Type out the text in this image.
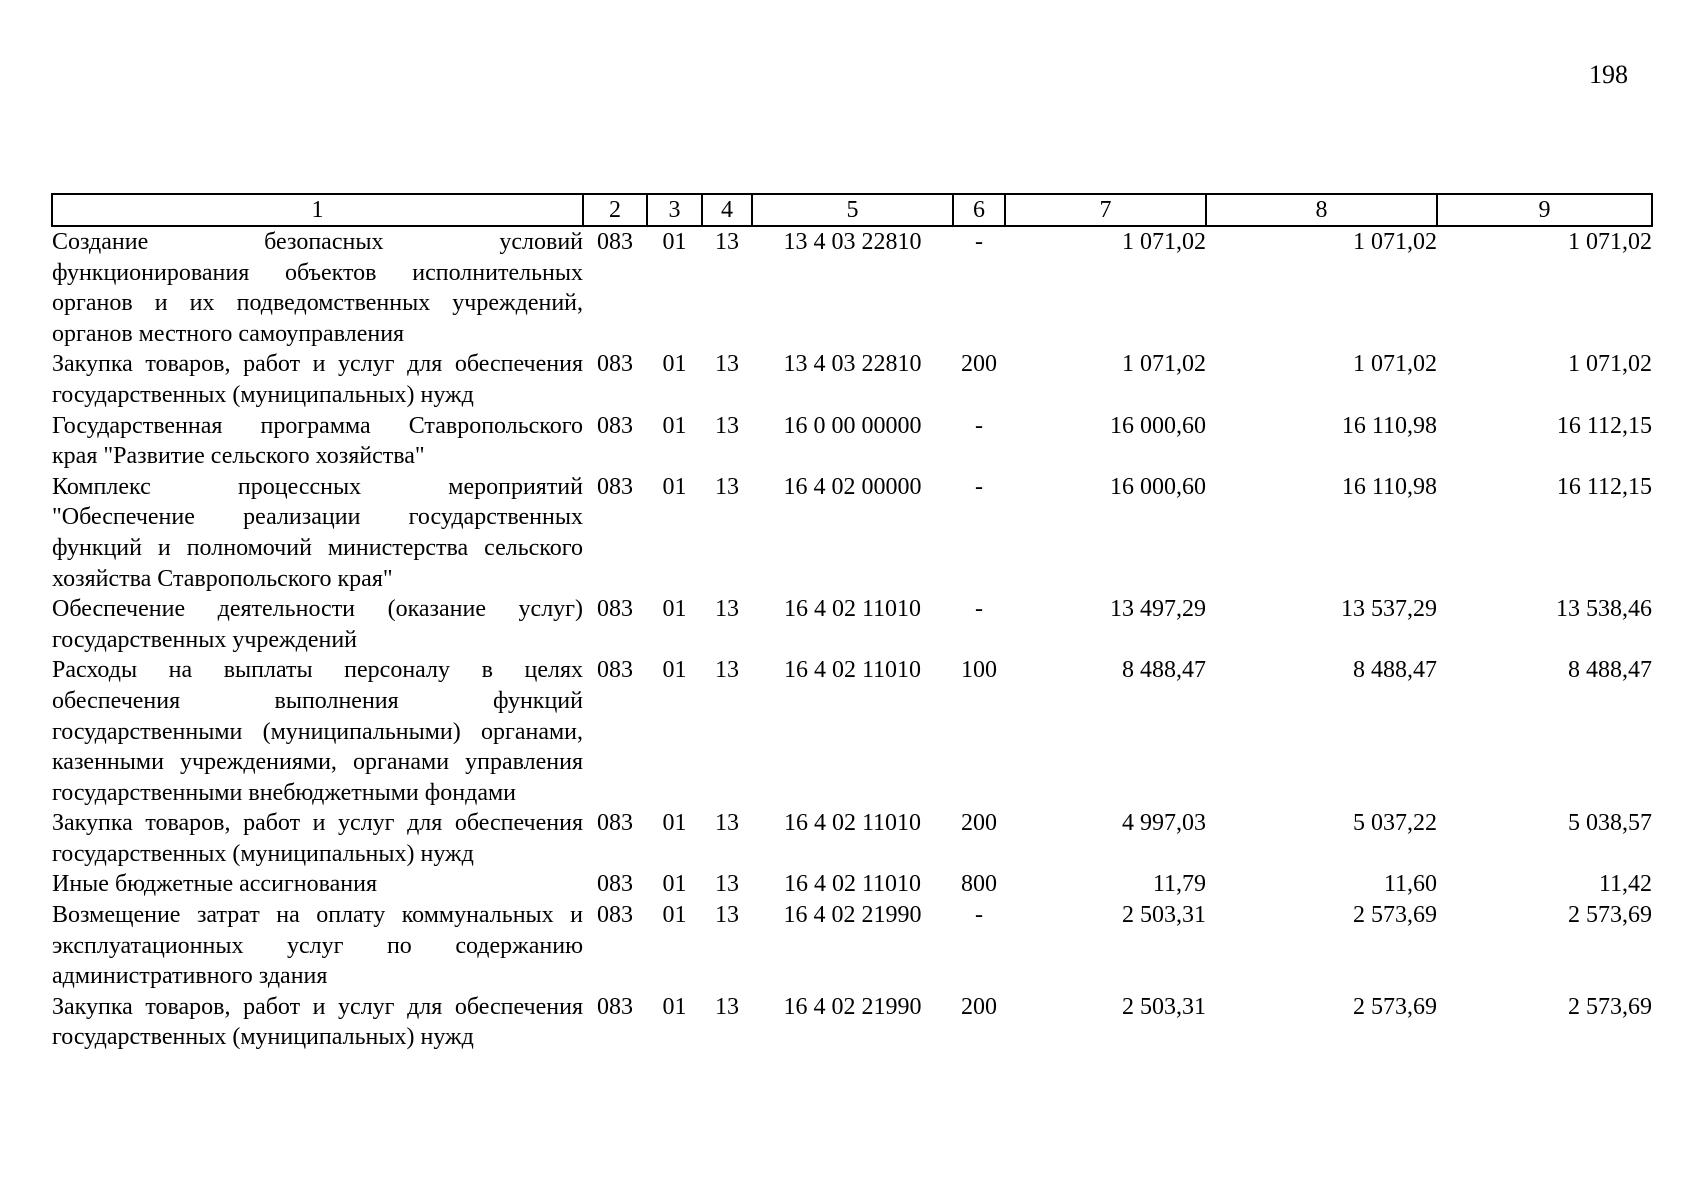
198
1	2	3	4	5	6	7	8	9

Создание безопасных условий
функционирования объектов исполнительных
органов и их подведомственных учреждений,
органов местного самоуправления	083	01	13	13 4 03 22810	-	1 071,02	1 071,02	1 071,02

Закупка товаров, работ и услуг для обеспечения
государственных (муниципальных) нужд	083	01	13	13 4 03 22810	200	1 071,02	1 071,02	1 071,02

Государственная программа Ставропольского
края "Развитие сельского хозяйства"	083	01	13	16 0 00 00000	-	16 000,60	16 110,98	16 112,15

Комплекс процессных мероприятий
"Обеспечение реализации государственных
функций и полномочий министерства сельского
хозяйства Ставропольского края"	083	01	13	16 4 02 00000	-	16 000,60	16 110,98	16 112,15

Обеспечение деятельности (оказание услуг)
государственных учреждений	083	01	13	16 4 02 11010	-	13 497,29	13 537,29	13 538,46

Расходы на выплаты персоналу в целях
обеспечения выполнения функций
государственными (муниципальными) органами,
казенными учреждениями, органами управления
государственными внебюджетными фондами	083	01	13	16 4 02 11010	100	8 488,47	8 488,47	8 488,47

Закупка товаров, работ и услуг для обеспечения
государственных (муниципальных) нужд	083	01	13	16 4 02 11010	200	4 997,03	5 037,22	5 038,57

Иные бюджетные ассигнования	083	01	13	16 4 02 11010	800	11,79	11,60	11,42

Возмещение затрат на оплату коммунальных и
эксплуатационных услуг по содержанию
административного здания	083	01	13	16 4 02 21990	-	2 503,31	2 573,69	2 573,69

Закупка товаров, работ и услуг для обеспечения
государственных (муниципальных) нужд	083	01	13	16 4 02 21990	200	2 503,31	2 573,69	2 573,69
